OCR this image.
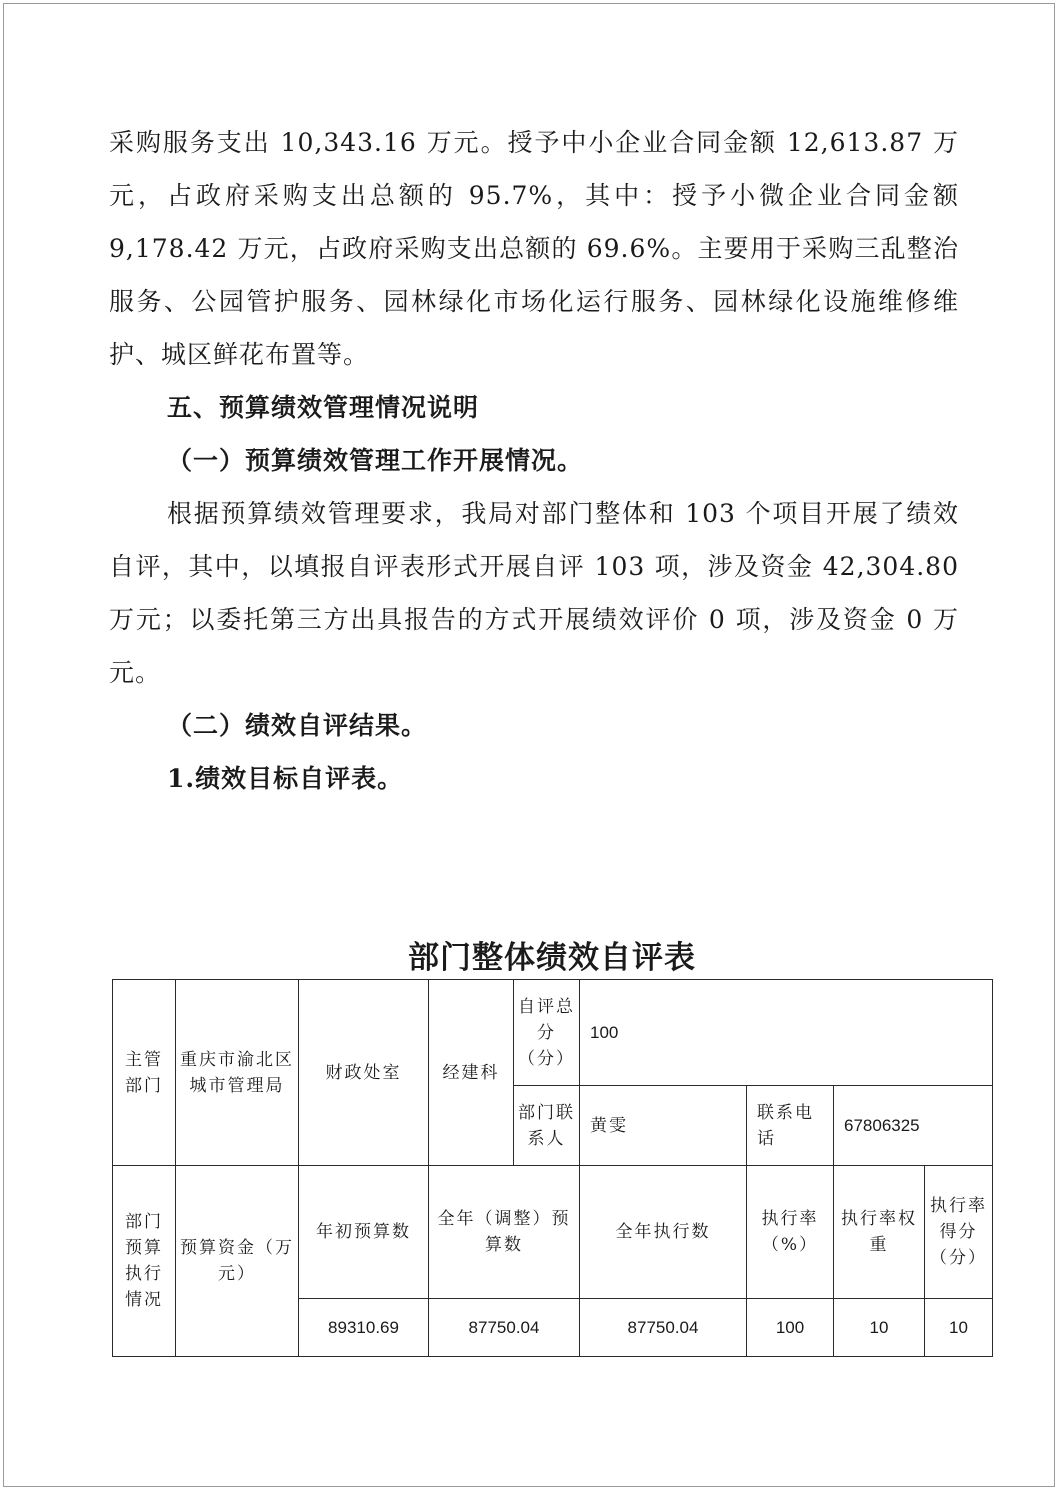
采购服务支出 10,343.16 万元。授予中小企业合同金额 12,613.87 万元，占政府采购支出总额的 95.7%，其中：授予小微企业合同金额 9,178.42 万元，占政府采购支出总额的 69.6%。主要用于采购三乱整治服务、公园管护服务、园林绿化市场化运行服务、园林绿化设施维修维护、城区鲜花布置等。

五、预算绩效管理情况说明

（一）预算绩效管理工作开展情况。

根据预算绩效管理要求，我局对部门整体和 103 个项目开展了绩效自评，其中，以填报自评表形式开展自评 103 项，涉及资金 42,304.80 万元；以委托第三方出具报告的方式开展绩效评价 0 项，涉及资金 0 万元。

（二）绩效自评结果。

1.绩效目标自评表。

部门整体绩效自评表
主管部门	重庆市渝北区城市管理局	财政处室	经建科	自评总分（分）	100			
				部门联系人	黄雯	联系电话	67806325	
部门预算执行情况	预算资金（万元）	年初预算数	全年（调整）预算数		全年执行数	执行率（%）	执行率权重	执行率得分（分）
		89310.69	87750.04		87750.04	100	10	10
